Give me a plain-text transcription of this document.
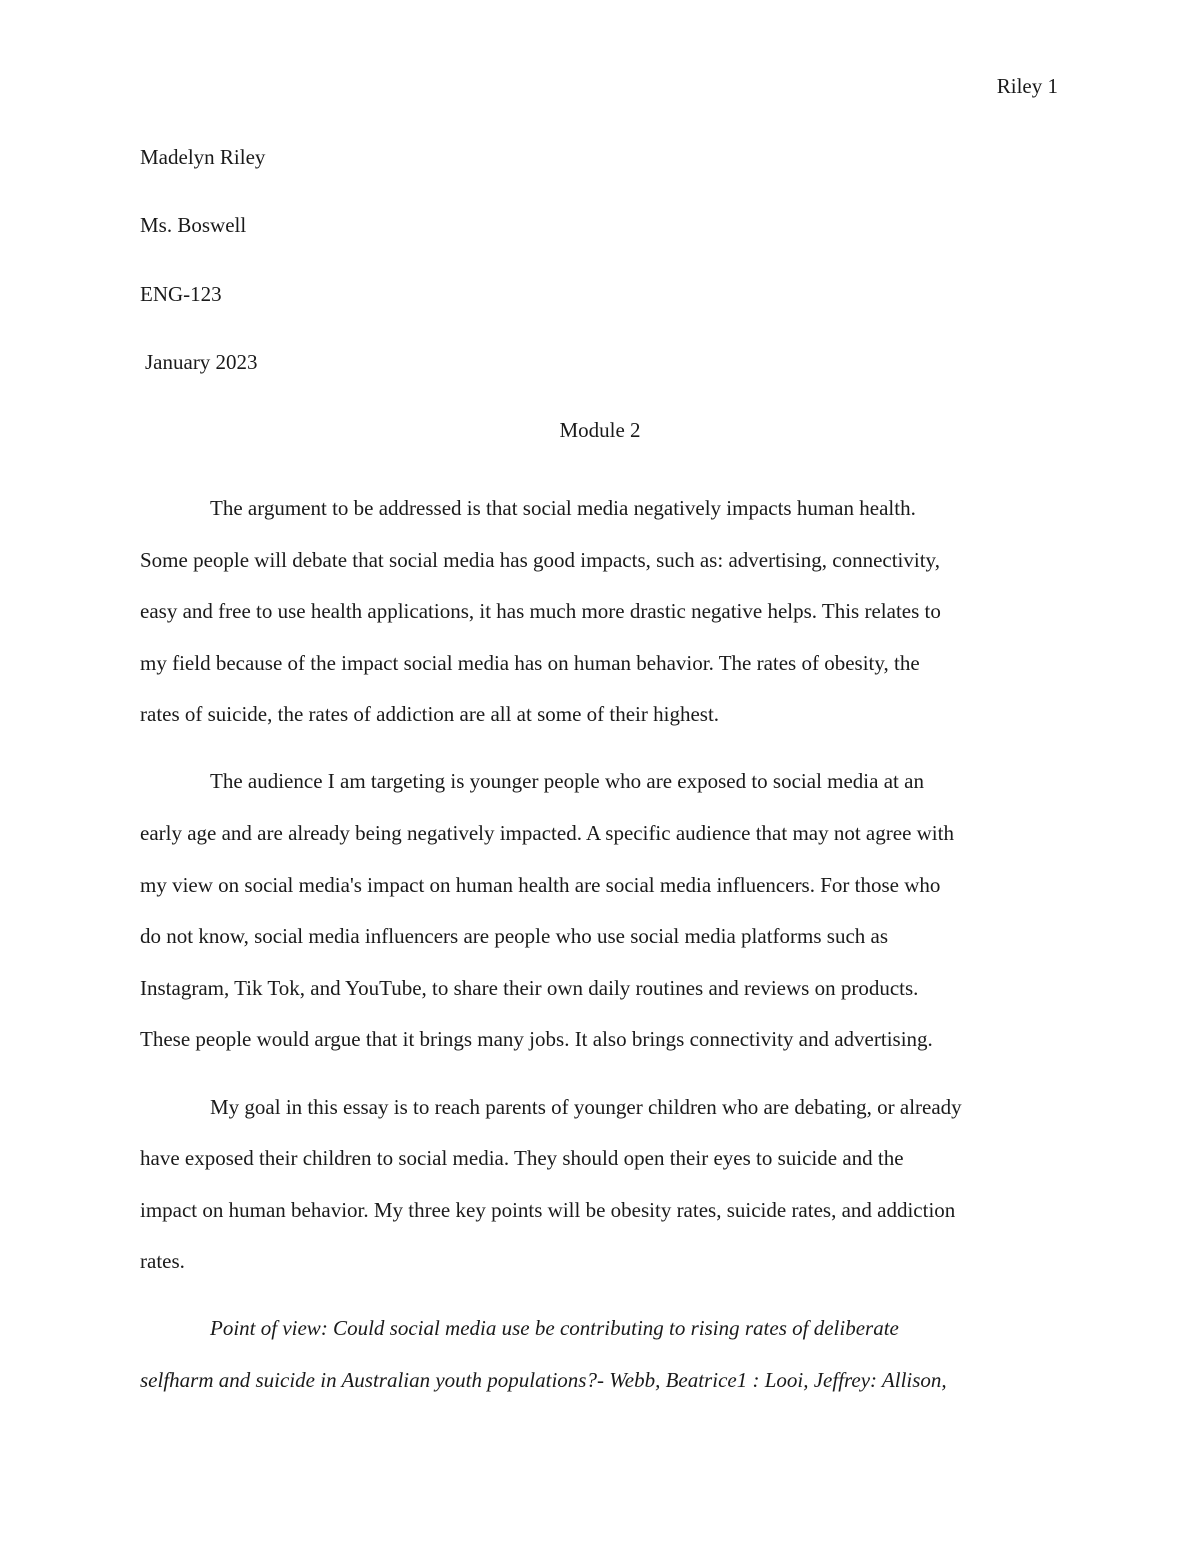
Riley 1
Madelyn Riley
Ms. Boswell
ENG-123
January 2023
Module 2

The argument to be addressed is that social media negatively impacts human health.
Some people will debate that social media has good impacts, such as: advertising, connectivity,
easy and free to use health applications, it has much more drastic negative helps. This relates to
my field because of the impact social media has on human behavior. The rates of obesity, the
rates of suicide, the rates of addiction are all at some of their highest.

The audience I am targeting is younger people who are exposed to social media at an
early age and are already being negatively impacted. A specific audience that may not agree with
my view on social media's impact on human health are social media influencers. For those who
do not know, social media influencers are people who use social media platforms such as
Instagram, Tik Tok, and YouTube, to share their own daily routines and reviews on products.
These people would argue that it brings many jobs. It also brings connectivity and advertising.

My goal in this essay is to reach parents of younger children who are debating, or already
have exposed their children to social media. They should open their eyes to suicide and the
impact on human behavior. My three key points will be obesity rates, suicide rates, and addiction
rates.

Point of view: Could social media use be contributing to rising rates of deliberate
selfharm and suicide in Australian youth populations?- Webb, Beatrice1 : Looi, Jeffrey: Allison,
